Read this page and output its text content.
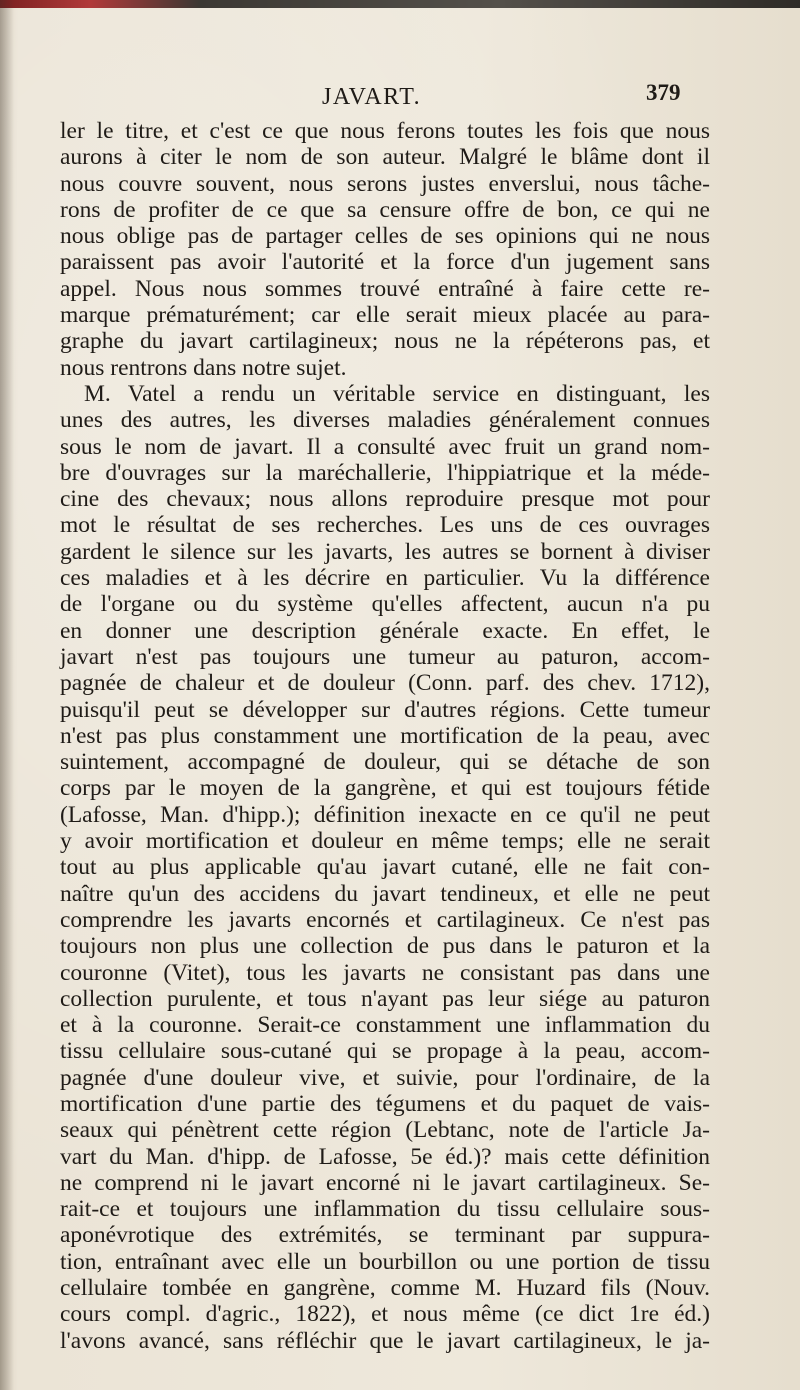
JAVART.	379
ler le titre, et c'est ce que nous ferons toutes les fois que nous
aurons à citer le nom de son auteur. Malgré le blâme dont il
nous couvre souvent, nous serons justes enverslui, nous tâche-
rons de profiter de ce que sa censure offre de bon, ce qui ne
nous oblige pas de partager celles de ses opinions qui ne nous
paraissent pas avoir l'autorité et la force d'un jugement sans
appel. Nous nous sommes trouvé entraîné à faire cette re-
marque prématurément; car elle serait mieux placée au para-
graphe du javart cartilagineux; nous ne la répéterons pas, et
nous rentrons dans notre sujet.
M. Vatel a rendu un véritable service en distinguant, les
unes des autres, les diverses maladies généralement connues
sous le nom de javart. Il a consulté avec fruit un grand nom-
bre d'ouvrages sur la maréchallerie, l'hippiatrique et la méde-
cine des chevaux; nous allons reproduire presque mot pour
mot le résultat de ses recherches. Les uns de ces ouvrages
gardent le silence sur les javarts, les autres se bornent à diviser
ces maladies et à les décrire en particulier. Vu la différence
de l'organe ou du système qu'elles affectent, aucun n'a pu
en donner une description générale exacte. En effet, le
javart n'est pas toujours une tumeur au paturon, accom-
pagnée de chaleur et de douleur (Conn. parf. des chev. 1712),
puisqu'il peut se développer sur d'autres régions. Cette tumeur
n'est pas plus constamment une mortification de la peau, avec
suintement, accompagné de douleur, qui se détache de son
corps par le moyen de la gangrène, et qui est toujours fétide
(Lafosse, Man. d'hipp.); définition inexacte en ce qu'il ne peut
y avoir mortification et douleur en même temps; elle ne serait
tout au plus applicable qu'au javart cutané, elle ne fait con-
naître qu'un des accidens du javart tendineux, et elle ne peut
comprendre les javarts encornés et cartilagineux. Ce n'est pas
toujours non plus une collection de pus dans le paturon et la
couronne (Vitet), tous les javarts ne consistant pas dans une
collection purulente, et tous n'ayant pas leur siége au paturon
et à la couronne. Serait-ce constamment une inflammation du
tissu cellulaire sous-cutané qui se propage à la peau, accom-
pagnée d'une douleur vive, et suivie, pour l'ordinaire, de la
mortification d'une partie des tégumens et du paquet de vais-
seaux qui pénètrent cette région (Lebtanc, note de l'article Ja-
vart du Man. d'hipp. de Lafosse, 5e éd.)? mais cette définition
ne comprend ni le javart encorné ni le javart cartilagineux. Se-
rait-ce et toujours une inflammation du tissu cellulaire sous-
aponévrotique des extrémités, se terminant par suppura-
tion, entraînant avec elle un bourbillon ou une portion de tissu
cellulaire tombée en gangrène, comme M. Huzard fils (Nouv.
cours compl. d'agric., 1822), et nous même (ce dict 1re éd.)
l'avons avancé, sans réfléchir que le javart cartilagineux, le ja-
